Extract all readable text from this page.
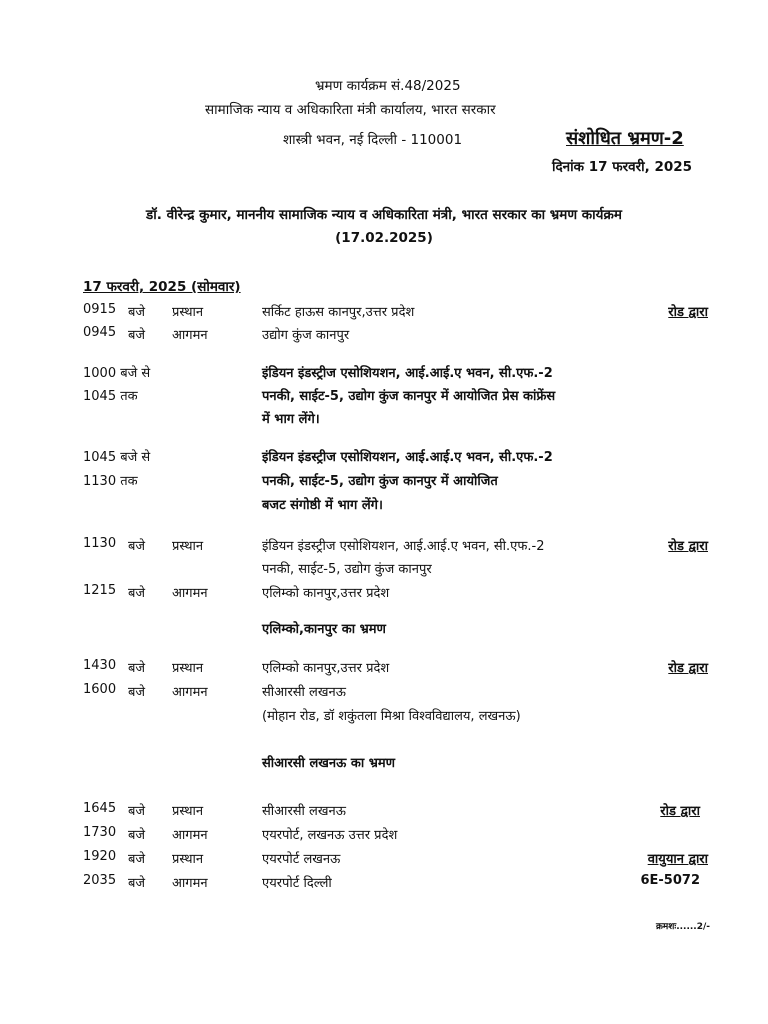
भ्रमण कार्यक्रम सं.48/2025
सामाजिक न्याय व अधिकारिता मंत्री कार्यालय, भारत सरकार
शास्त्री भवन, नई दिल्ली - 110001	संशोधित भ्रमण-2
दिनांक 17 फरवरी, 2025
डॉ. वीरेन्द्र कुमार, माननीय सामाजिक न्याय व अधिकारिता मंत्री, भारत सरकार का भ्रमण कार्यक्रम
(17.02.2025)
17 फरवरी, 2025 (सोमवार)
0915 बजे प्रस्थान	सर्किट हाऊस कानपुर,उत्तर प्रदेश	रोड द्वारा
0945 बजे आगमन	उद्योग कुंज कानपुर
1000 बजे से
1045 तक
इंडियन इंडस्ट्रीज एसोशियशन, आई.आई.ए भवन, सी.एफ.-2
पनकी, साईट-5, उद्योग कुंज कानपुर में आयोजित प्रेस कांफ्रेंस
में भाग लेंगे।
1045 बजे से
1130 तक
इंडियन इंडस्ट्रीज एसोशियशन, आई.आई.ए भवन, सी.एफ.-2
पनकी, साईट-5, उद्योग कुंज कानपुर में आयोजित
बजट संगोष्ठी में भाग लेंगे।
1130 बजे प्रस्थान	इंडियन इंडस्ट्रीज एसोशियशन, आई.आई.ए भवन, सी.एफ.-2	रोड द्वारा
पनकी, साईट-5, उद्योग कुंज कानपुर
1215 बजे आगमन	एलिम्को कानपुर,उत्तर प्रदेश
एलिम्को,कानपुर का भ्रमण
1430 बजे प्रस्थान	एलिम्को कानपुर,उत्तर प्रदेश	रोड द्वारा
1600 बजे आगमन	सीआरसी लखनऊ
(मोहान रोड, डॉ शकुंतला मिश्रा विश्वविद्यालय, लखनऊ)
सीआरसी लखनऊ का भ्रमण
1645 बजे प्रस्थान	सीआरसी लखनऊ	रोड द्वारा
1730 बजे आगमन	एयरपोर्ट, लखनऊ उत्तर प्रदेश
1920 बजे प्रस्थान	एयरपोर्ट लखनऊ	वायुयान द्वारा
2035 बजे आगमन	एयरपोर्ट दिल्ली	6E-5072
क्रमशः......2/-
